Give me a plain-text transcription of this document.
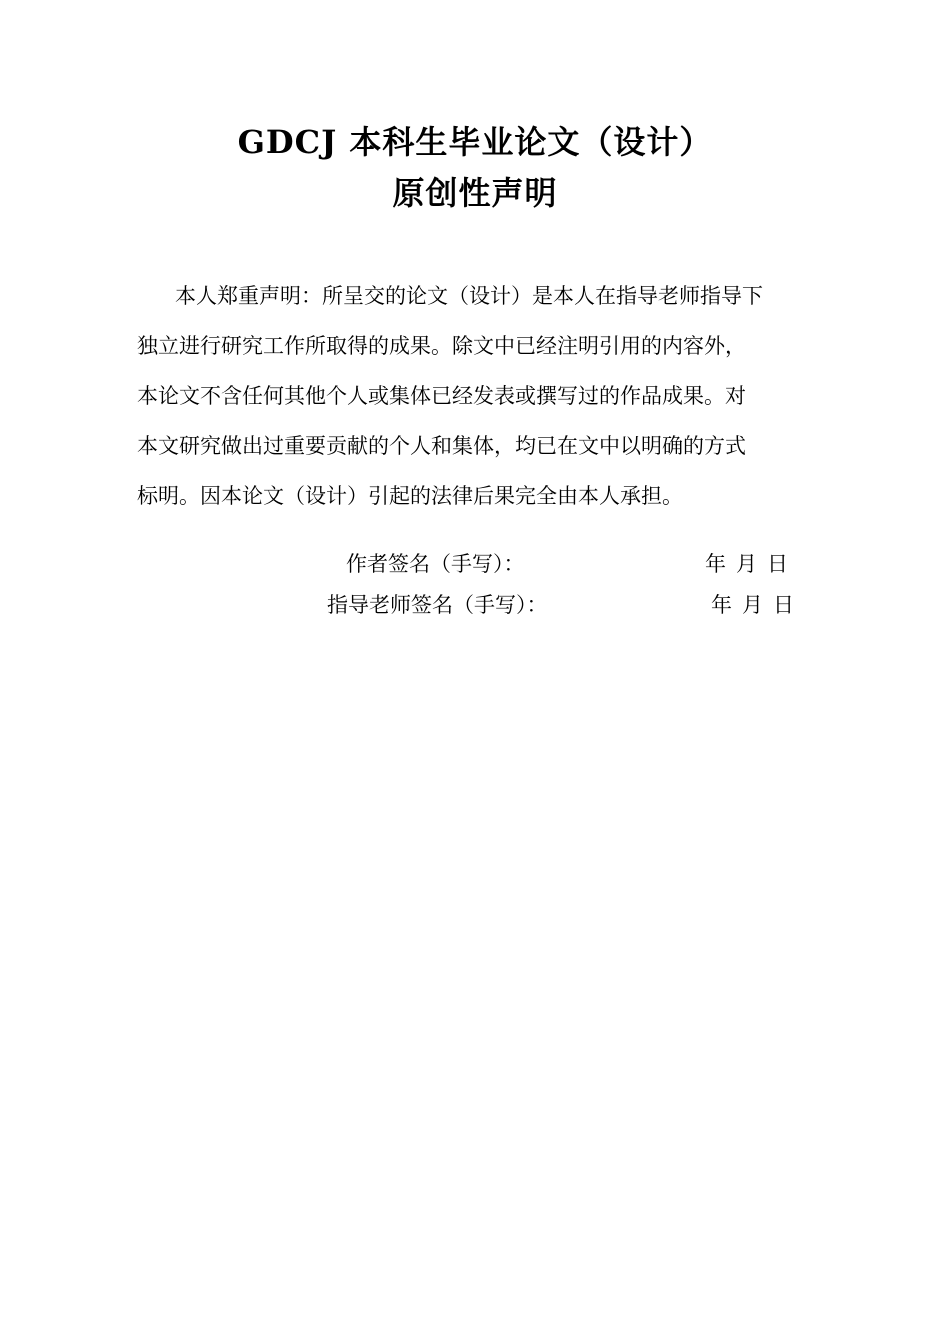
GDCJ 本科生毕业论文（设计）
原创性声明
本人郑重声明：所呈交的论文（设计）是本人在指导老师指导下
独立进行研究工作所取得的成果。除文中已经注明引用的内容外，
本论文不含任何其他个人或集体已经发表或撰写过的作品成果。对
本文研究做出过重要贡献的个人和集体，均已在文中以明确的方式
标明。因本论文（设计）引起的法律后果完全由本人承担。
作者签名（手写）：	年 月 日
指导老师签名（手写）：	年 月 日
